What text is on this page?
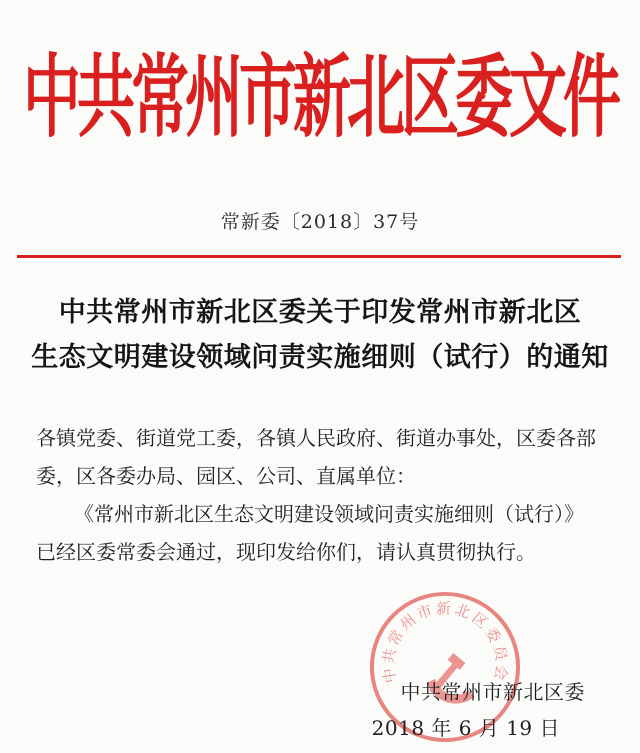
中共常州市新北区委文件
常新委〔2018〕37号
中共常州市新北区委关于印发常州市新北区
生态文明建设领域问责实施细则（试行）的通知
各镇党委、街道党工委，各镇人民政府、街道办事处，区委各部
委，区各委办局、园区、公司、直属单位：
《常州市新北区生态文明建设领域问责实施细则（试行）》
已经区委常委会通过，现印发给你们，请认真贯彻执行。
中共常州市新北区委员会
中共常州市新北区委
2018 年 6 月 19 日
